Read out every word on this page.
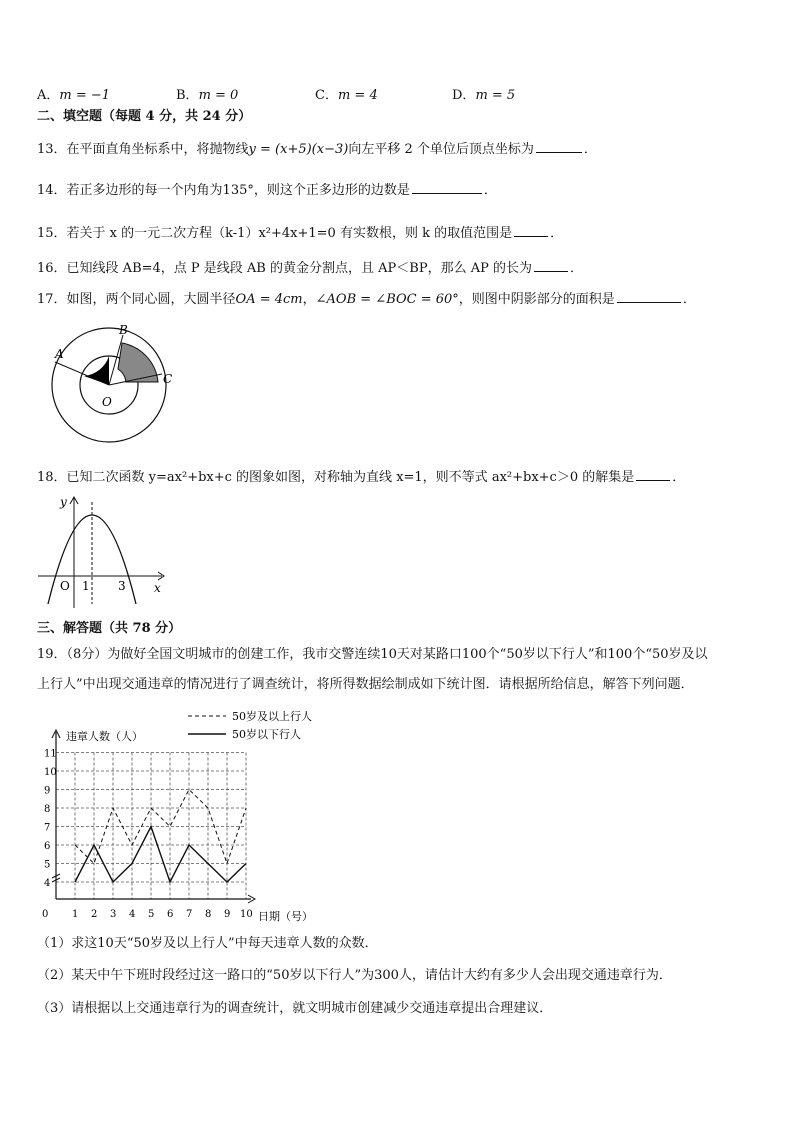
A．m = −1	B．m = 0	C．m = 4	D．m = 5
二、填空题（每题 4 分，共 24 分）
13．在平面直角坐标系中，将抛物线y = (x+5)(x−3)向左平移 2 个单位后顶点坐标为	．
14．若正多边形的每一个内角为135°，则这个正多边形的边数是	．
15．若关于 x 的一元二次方程（k-1）x²+4x+1=0 有实数根，则 k 的取值范围是	．
16．已知线段 AB=4，点 P 是线段 AB 的黄金分割点，且 AP＜BP，那么 AP 的长为	．
17．如图，两个同心圆，大圆半径OA = 4cm，∠AOB = ∠BOC = 60°，则图中阴影部分的面积是	．
A
B
C
O
18．已知二次函数 y=ax²+bx+c 的图象如图，对称轴为直线 x=1，则不等式 ax²+bx+c＞0 的解集是	．
y
x
O 1 3
三、解答题（共 78 分）
19．（8分）为做好全国文明城市的创建工作，我市交警连续10天对某路口100个“50岁以下行人”和100个“50岁及以
上行人”中出现交通违章的情况进行了调查统计，将所得数据绘制成如下统计图．请根据所给信息，解答下列问题．
违章人数（人）
日期（号）
50岁及以上行人
50岁以下行人
4
5
6
7
8
9
10
11
0 1 2 3 4 5 6 7 8 9 10
（1）求这10天“50岁及以上行人”中每天违章人数的众数．
（2）某天中午下班时段经过这一路口的“50岁以下行人”为300人，请估计大约有多少人会出现交通违章行为．
（3）请根据以上交通违章行为的调查统计，就文明城市创建减少交通违章提出合理建议．
